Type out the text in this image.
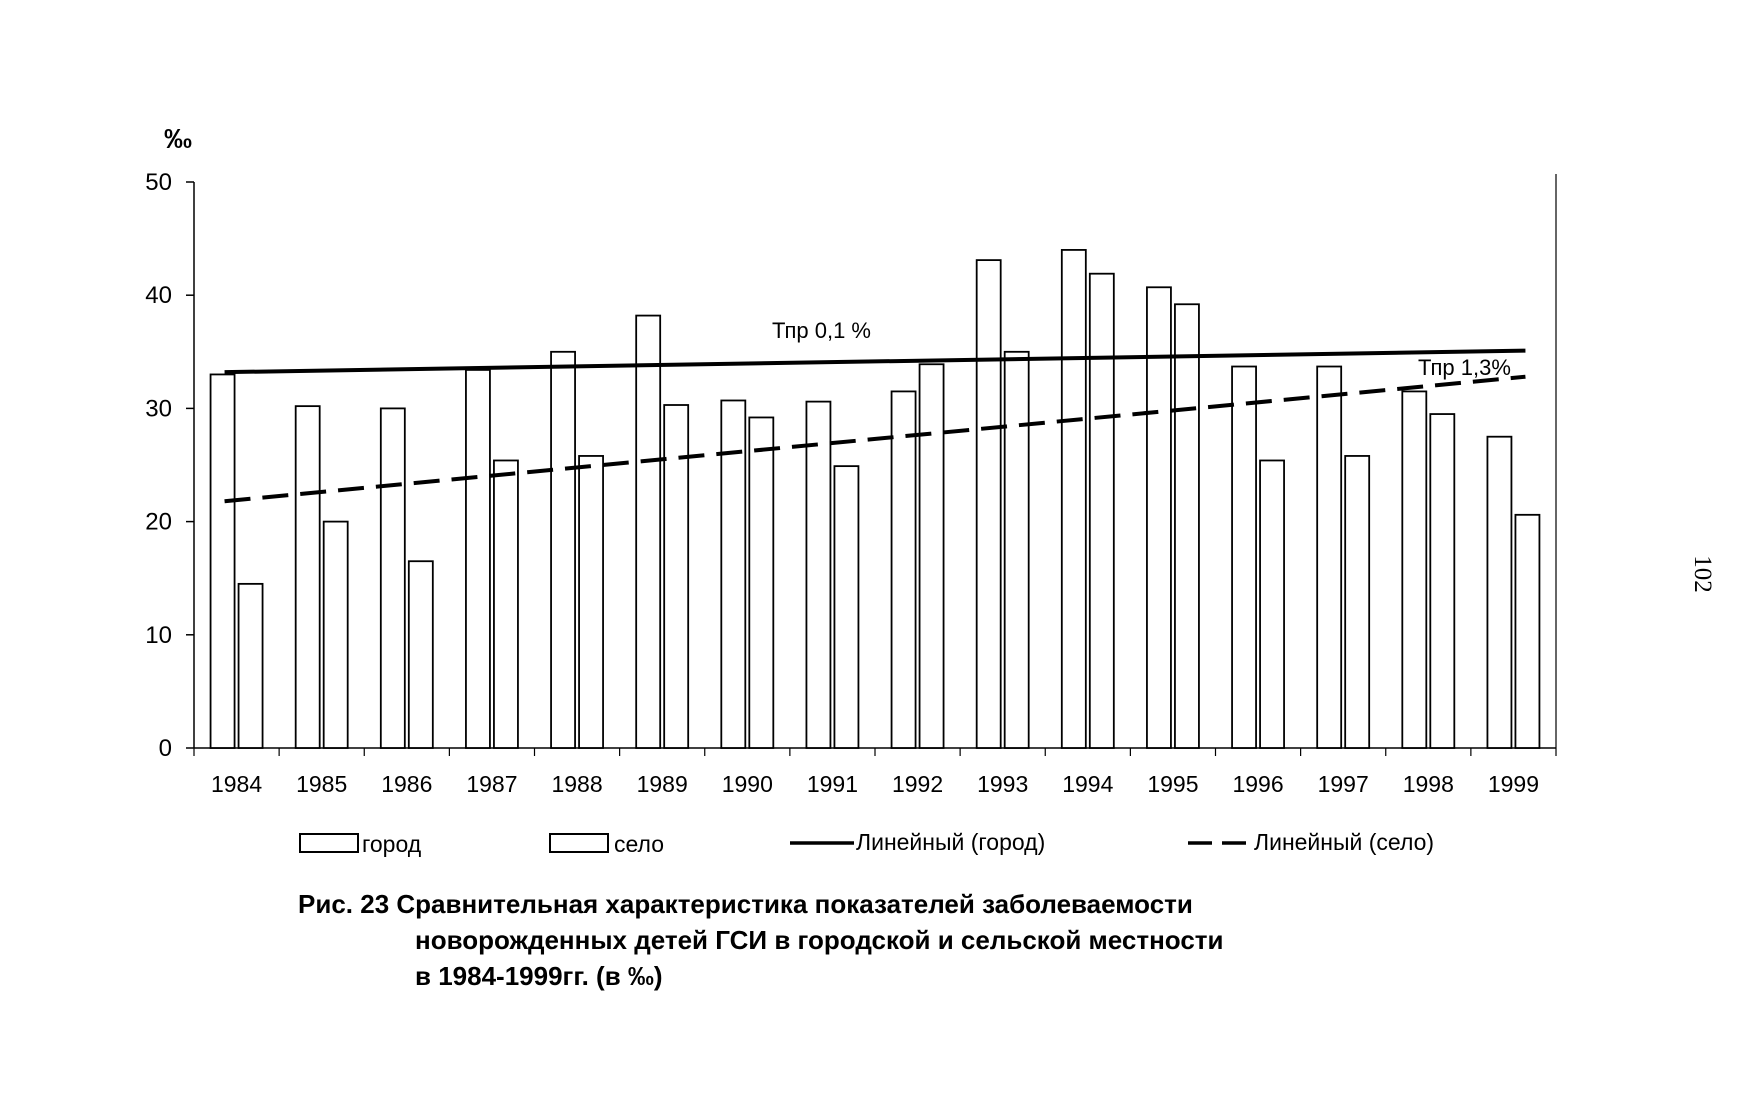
0
10
20
30
40
50
1984 1985 1986 1987 1988 1989 1990 1991 1992 1993 1994 1995 1996 1997 1998 1999
‰
Тпр 0,1 %
Тпр 1,3%
город	село	Линейный (город)	Линейный (село)
Рис. 23 Сравнительная характеристика показателей заболеваемости
новорожденных детей ГСИ в городской и сельской местности
в 1984-1999гг. (в ‰)
102
